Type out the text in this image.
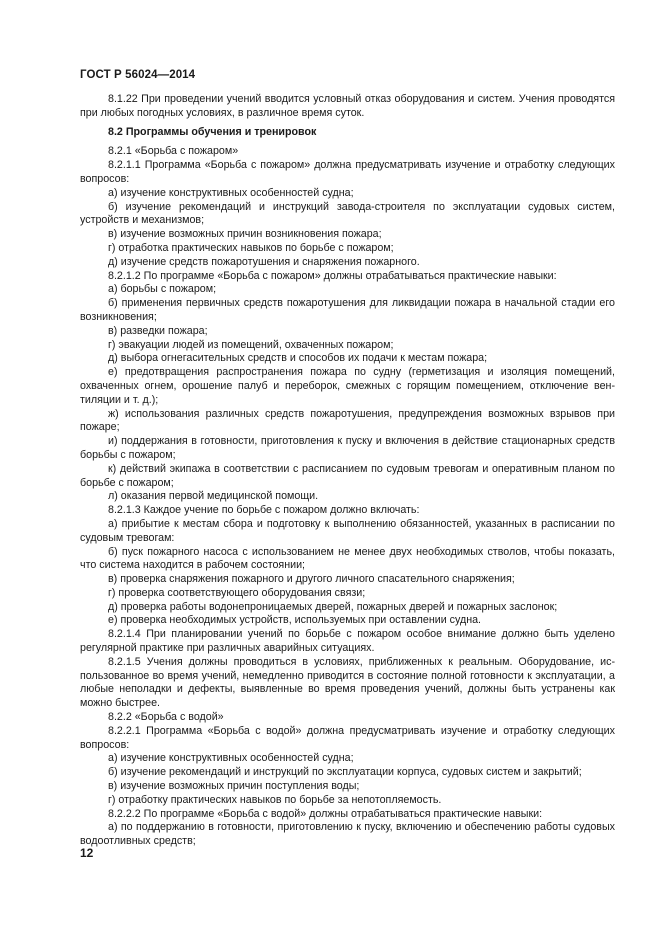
ГОСТ Р 56024—2014

8.1.22 При проведении учений вводится условный отказ оборудования и систем. Учения проводятся при любых погодных условиях, в различное время суток.

8.2 Программы обучения и тренировок

8.2.1 «Борьба с пожаром»

8.2.1.1 Программа «Борьба с пожаром» должна предусматривать изучение и отработку следующих вопросов:

а) изучение конструктивных особенностей судна;

б) изучение рекомендаций и инструкций завода-строителя по эксплуатации судовых систем, устройств и механизмов;

в) изучение возможных причин возникновения пожара;

г) отработка практических навыков по борьбе с пожаром;

д) изучение средств пожаротушения и снаряжения пожарного.

8.2.1.2 По программе «Борьба с пожаром» должны отрабатываться практические навыки:

а) борьбы с пожаром;

б) применения первичных средств пожаротушения для ликвидации пожара в начальной стадии его возникновения;

в) разведки пожара;

г) эвакуации людей из помещений, охваченных пожаром;

д) выбора огнегасительных средств и способов их подачи к местам пожара;

е) предотвращения распространения пожара по судну (герметизация и изоляция помещений, охваченных огнем, орошение палуб и переборок, смежных с горящим помещением, отключение вентиляции и т. д.);

ж) использования различных средств пожаротушения, предупреждения возможных взрывов при пожаре;

и) поддержания в готовности, приготовления к пуску и включения в действие стационарных средств борьбы с пожаром;

к) действий экипажа в соответствии с расписанием по судовым тревогам и оперативным планом по борьбе с пожаром;

л) оказания первой медицинской помощи.

8.2.1.3 Каждое учение по борьбе с пожаром должно включать:

а) прибытие к местам сбора и подготовку к выполнению обязанностей, указанных в расписании по судовым тревогам:

б) пуск пожарного насоса с использованием не менее двух необходимых стволов, чтобы показать, что система находится в рабочем состоянии;

в) проверка снаряжения пожарного и другого личного спасательного снаряжения;

г) проверка соответствующего оборудования связи;

д) проверка работы водонепроницаемых дверей, пожарных дверей и пожарных заслонок;

е) проверка необходимых устройств, используемых при оставлении судна.

8.2.1.4 При планировании учений по борьбе с пожаром особое внимание должно быть уделено регулярной практике при различных аварийных ситуациях.

8.2.1.5 Учения должны проводиться в условиях, приближенных к реальным. Оборудование, использованное во время учений, немедленно приводится в состояние полной готовности к эксплуатации, а любые неполадки и дефекты, выявленные во время проведения учений, должны быть устранены как можно быстрее.

8.2.2 «Борьба с водой»

8.2.2.1 Программа «Борьба с водой» должна предусматривать изучение и отработку следующих вопросов:

а) изучение конструктивных особенностей судна;

б) изучение рекомендаций и инструкций по эксплуатации корпуса, судовых систем и закрытий;

в) изучение возможных причин поступления воды;

г) отработку практических навыков по борьбе за непотопляемость.

8.2.2.2 По программе «Борьба с водой» должны отрабатываться практические навыки:

а) по поддержанию в готовности, приготовлению к пуску, включению и обеспечению работы судовых водоотливных средств;

12
